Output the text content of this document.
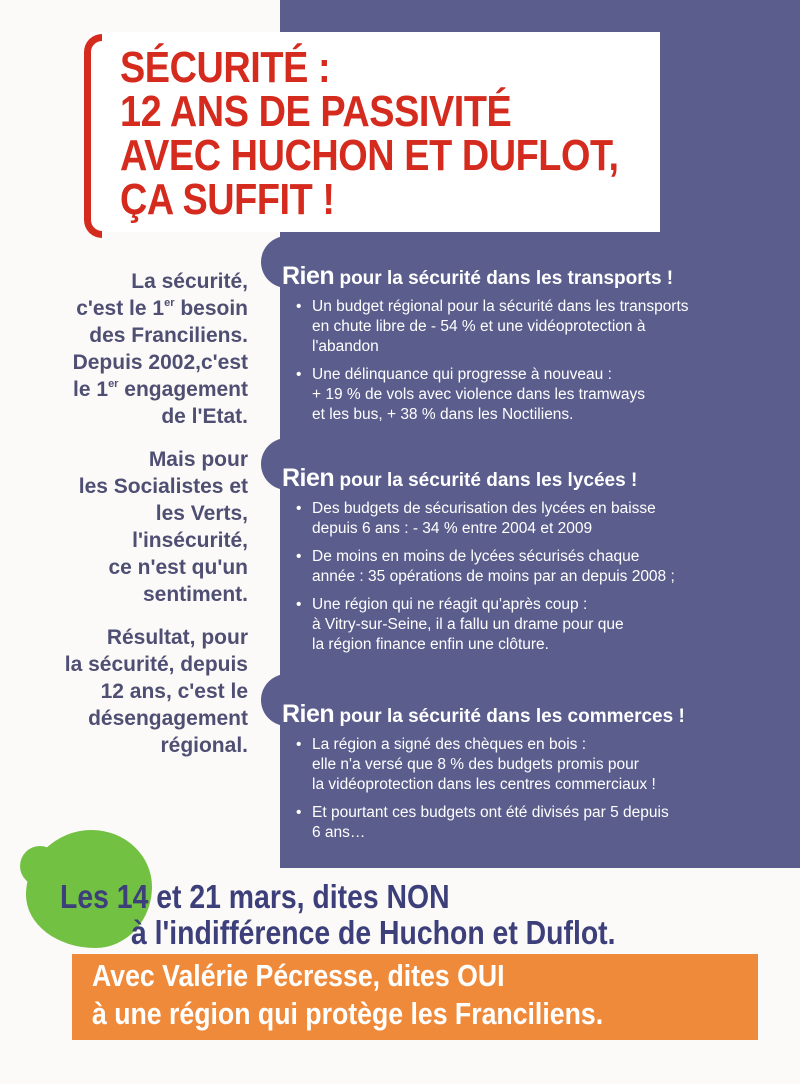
SÉCURITÉ :
12 ANS DE PASSIVITÉ
AVEC HUCHON ET DUFLOT,
ÇA SUFFIT !

La sécurité,
c'est le 1er besoin
des Franciliens.
Depuis 2002,c'est
le 1er engagement
de l'Etat.

Mais pour
les Socialistes et
les Verts,
l'insécurité,
ce n'est qu'un
sentiment.

Résultat, pour
la sécurité, depuis
12 ans, c'est le
désengagement
régional.

Rien pour la sécurité dans les transports !
• Un budget régional pour la sécurité dans les transports
en chute libre de - 54 % et une vidéoprotection à
l'abandon
• Une délinquance qui progresse à nouveau :
+ 19 % de vols avec violence dans les tramways
et les bus, + 38 % dans les Noctiliens.
Rien pour la sécurité dans les lycées !
• Des budgets de sécurisation des lycées en baisse
depuis 6 ans : - 34 % entre 2004 et 2009
• De moins en moins de lycées sécurisés chaque
année : 35 opérations de moins par an depuis 2008 ;
• Une région qui ne réagit qu'après coup :
à Vitry-sur-Seine, il a fallu un drame pour que
la région finance enfin une clôture.
Rien pour la sécurité dans les commerces !
• La région a signé des chèques en bois :
elle n'a versé que 8 % des budgets promis pour
la vidéoprotection dans les centres commerciaux !
• Et pourtant ces budgets ont été divisés par 5 depuis
6 ans…
Les 14 et 21 mars, dites NON
à l'indifférence de Huchon et Duflot.
Avec Valérie Pécresse, dites OUI
à une région qui protège les Franciliens.
